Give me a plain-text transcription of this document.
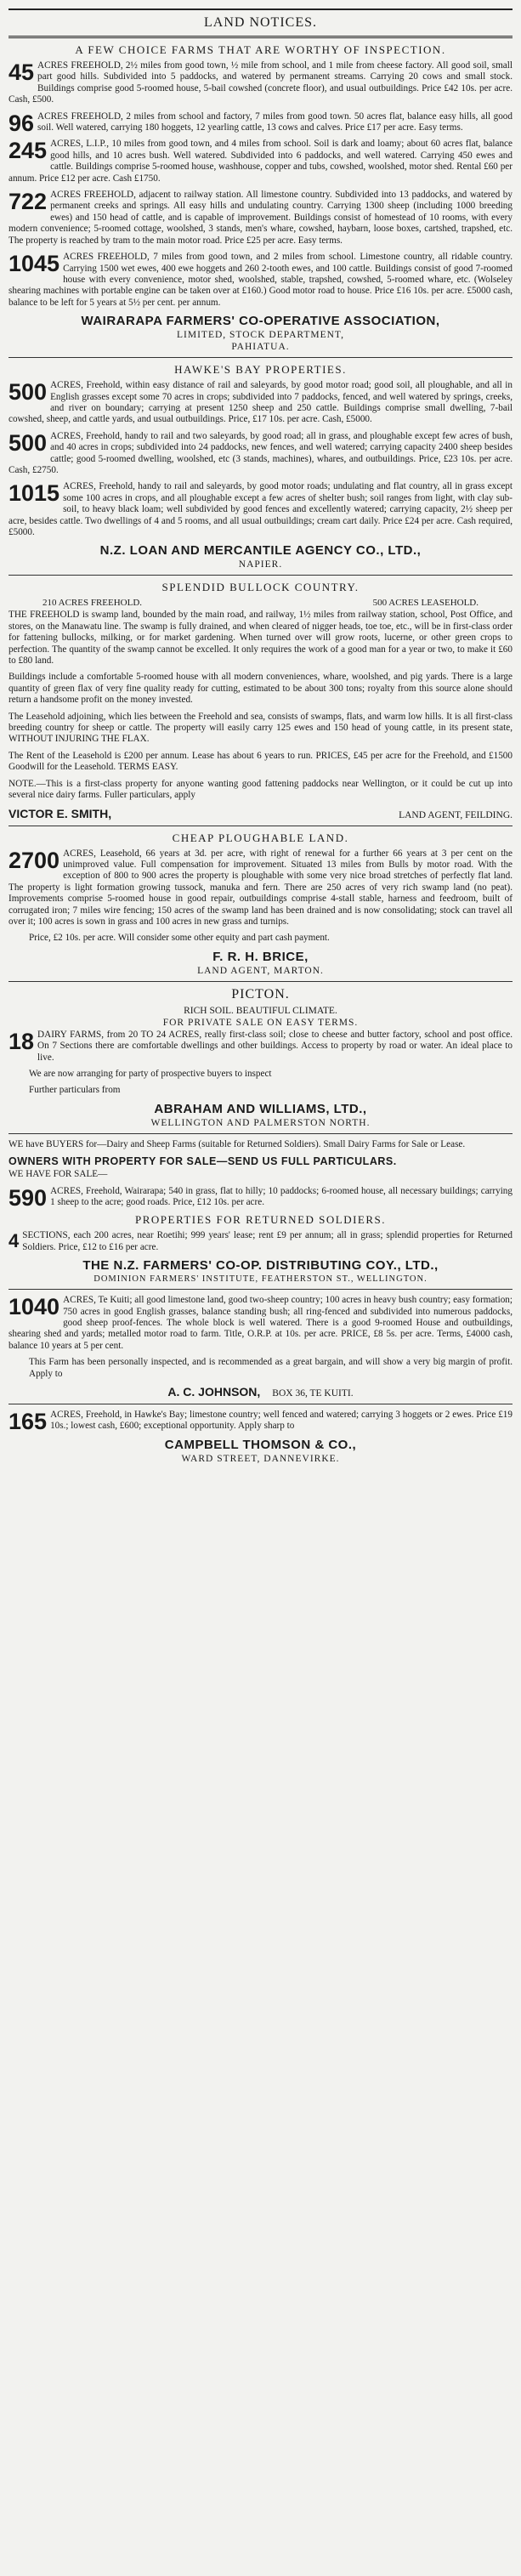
LAND NOTICES.
A FEW CHOICE FARMS THAT ARE WORTHY OF INSPECTION.
45 ACRES FREEHOLD, 2½ miles from good town, ½ mile from school, and 1 mile from cheese factory. All good soil, small part good hills. Subdivided into 5 paddocks, and watered by permanent streams. Carrying 20 cows and small stock. Buildings comprise good 5-roomed house, 5-bail cowshed (concrete floor), and usual outbuildings. Price £42 10s. per acre. Cash, £500.
96 ACRES FREEHOLD, 2 miles from school and factory, 7 miles from good town. 50 acres flat, balance easy hills, all good soil. Well watered, carrying 180 hoggets, 12 yearling cattle, 13 cows and calves. Price £17 per acre. Easy terms.
245 ACRES, L.I.P., 10 miles from good town, and 4 miles from school. Soil is dark and loamy; about 60 acres flat, balance good hills, and 10 acres bush. Well watered. Subdivided into 6 paddocks, and well watered. Carrying 450 ewes and cattle. Buildings comprise 5-roomed house, washhouse, copper and tubs, cowshed, woolshed, motor shed. Rental £60 per annum. Price £12 per acre. Cash £1750.
722 ACRES FREEHOLD, adjacent to railway station. All limestone country. Subdivided into 13 paddocks, and watered by permanent creeks and springs. All easy hills and undulating country. Carrying 1300 sheep (including 1000 breeding ewes) and 150 head of cattle, and is capable of improvement. Buildings consist of homestead of 10 rooms, with every modern convenience; 5-roomed cottage, woolshed, 3 stands, men's whare, cowshed, haybarn, loose boxes, cartshed, trapshed, etc. The property is reached by tram to the main motor road. Price £25 per acre. Easy terms.
1045 ACRES FREEHOLD, 7 miles from good town, and 2 miles from school. Limestone country, all ridable country. Carrying 1500 wet ewes, 400 ewe hoggets and 260 2-tooth ewes, and 100 cattle. Buildings consist of good 7-roomed house with every convenience, motor shed, woolshed, stable, trapshed, cowshed, 5-roomed whare, etc. (Wolseley shearing machines with portable engine can be taken over at £160.) Good motor road to house. Price £16 10s. per acre. £5000 cash, balance to be left for 5 years at 5½ per cent. per annum.
WAIRARAPA FARMERS' CO-OPERATIVE ASSOCIATION,
LIMITED, STOCK DEPARTMENT,
PAHIATUA.
HAWKE'S BAY PROPERTIES.
500 ACRES, Freehold, within easy distance of rail and saleyards, by good motor road; good soil, all ploughable, and all in English grasses except some 70 acres in crops; subdivided into 7 paddocks, fenced, and well watered by springs, creeks, and river on boundary; carrying at present 1250 sheep and 250 cattle. Buildings comprise small dwelling, 7-bail cowshed, sheep, and cattle yards, and usual outbuildings. Price, £17 10s. per acre. Cash, £5000.
500 ACRES, Freehold, handy to rail and two saleyards, by good road; all in grass, and ploughable except few acres of bush, and 40 acres in crops; subdivided into 24 paddocks, new fences, and well watered; carrying capacity 2400 sheep besides cattle; good 5-roomed dwelling, woolshed, etc (3 stands, machines), whares, and outbuildings. Price, £23 10s. per acre. Cash, £2750.
1015 ACRES, Freehold, handy to rail and saleyards, by good motor roads; undulating and flat country, all in grass except some 100 acres in crops, and all ploughable except a few acres of shelter bush; soil ranges from light, with clay sub-soil, to heavy black loam; well subdivided by good fences and excellently watered; carrying capacity, 2½ sheep per acre, besides cattle. Two dwellings of 4 and 5 rooms, and all usual outbuildings; cream cart daily. Price £24 per acre. Cash required, £5000.
N.Z. LOAN AND MERCANTILE AGENCY CO., LTD.,
NAPIER.
SPLENDID BULLOCK COUNTRY.
210 ACRES FREEHOLD.	500 ACRES LEASEHOLD.
THE FREEHOLD is swamp land, bounded by the main road, and railway, 1½ miles from railway station, school, Post Office, and stores, on the Manawatu line. The swamp is fully drained, and when cleared of nigger heads, toe toe, etc., will be in first-class order for fattening bullocks, milking, or for market gardening. When turned over will grow roots, lucerne, or other green crops to perfection. The quantity of the swamp cannot be excelled. It only requires the work of a good man for a year or two, to make it £60 to £80 land.
Buildings include a comfortable 5-roomed house with all modern conveniences, whare, woolshed, and pig yards. There is a large quantity of green flax of very fine quality ready for cutting, estimated to be about 300 tons; royalty from this source alone should return a handsome profit on the money invested.
The Leasehold adjoining, which lies between the Freehold and sea, consists of swamps, flats, and warm low hills. It is all first-class breeding country for sheep or cattle. The property will easily carry 125 ewes and 150 head of young cattle, in its present state, WITHOUT INJURING THE FLAX.
The Rent of the Leasehold is £200 per annum. Lease has about 6 years to run. PRICES, £45 per acre for the Freehold, and £1500 Goodwill for the Leasehold. TERMS EASY.
NOTE.—This is a first-class property for anyone wanting good fattening paddocks near Wellington, or it could be cut up into several nice dairy farms. Fuller particulars, apply
VICTOR E. SMITH,	LAND AGENT, FEILDING.
CHEAP PLOUGHABLE LAND.
2700 ACRES, Leasehold, 66 years at 3d. per acre, with right of renewal for a further 66 years at 3 per cent on the unimproved value. Full compensation for improvement. Situated 13 miles from Bulls by motor road. With the exception of 800 to 900 acres the property is ploughable with some very nice broad stretches of perfectly flat land. The property is light formation growing tussock, manuka and fern. There are 250 acres of very rich swamp land (no peat). Improvements comprise 5-roomed house in good repair, outbuildings comprise 4-stall stable, harness and feedroom, built of corrugated iron; 7 miles wire fencing; 150 acres of the swamp land has been drained and is now consolidating; stock can travel all over it; 100 acres is sown in grass and 100 acres in new grass and turnips.
Price, £2 10s. per acre. Will consider some other equity and part cash payment.
F. R. H. BRICE,
LAND AGENT, MARTON.
PICTON.
RICH SOIL. BEAUTIFUL CLIMATE.
FOR PRIVATE SALE ON EASY TERMS.
18 DAIRY FARMS, from 20 TO 24 ACRES, really first-class soil; close to cheese and butter factory, school and post office. On 7 Sections there are comfortable dwellings and other buildings. Access to property by road or water. An ideal place to live.
We are now arranging for party of prospective buyers to inspect
Further particulars from
ABRAHAM AND WILLIAMS, LTD.,
WELLINGTON AND PALMERSTON NORTH.
WE have BUYERS for—Dairy and Sheep Farms (suitable for Returned Soldiers). Small Dairy Farms for Sale or Lease.
OWNERS WITH PROPERTY FOR SALE—SEND US FULL PARTICULARS.
WE HAVE FOR SALE—
590 ACRES, Freehold, Wairarapa; 540 in grass, flat to hilly; 10 paddocks; 6-roomed house, all necessary buildings; carrying 1 sheep to the acre; good roads. Price, £12 10s. per acre.
PROPERTIES FOR RETURNED SOLDIERS.
4 SECTIONS, each 200 acres, near Roetihi; 999 years' lease; rent £9 per annum; all in grass; splendid properties for Returned Soldiers. Price, £12 to £16 per acre.
THE N.Z. FARMERS' CO-OP. DISTRIBUTING COY., LTD.,
DOMINION FARMERS' INSTITUTE, FEATHERSTON ST., WELLINGTON.
1040 ACRES, Te Kuiti; all good limestone land, good two-sheep country; 100 acres in heavy bush country; easy formation; 750 acres in good English grasses, balance standing bush; all ring-fenced and subdivided into numerous paddocks, good sheep proof-fences. The whole block is well watered. There is a good 9-roomed House and outbuildings, shearing shed and yards; metalled motor road to farm. Title, O.R.P. at 10s. per acre. PRICE, £8 5s. per acre. Terms, £4000 cash, balance 10 years at 5 per cent.
This Farm has been personally inspected, and is recommended as a great bargain, and will show a very big margin of profit. Apply to
A. C. JOHNSON, BOX 36, TE KUITI.
165 ACRES, Freehold, in Hawke's Bay; limestone country; well fenced and watered; carrying 3 hoggets or 2 ewes. Price £19 10s.; lowest cash, £600; exceptional opportunity. Apply sharp to
CAMPBELL THOMSON & CO.,
WARD STREET, DANNEVIRKE.
